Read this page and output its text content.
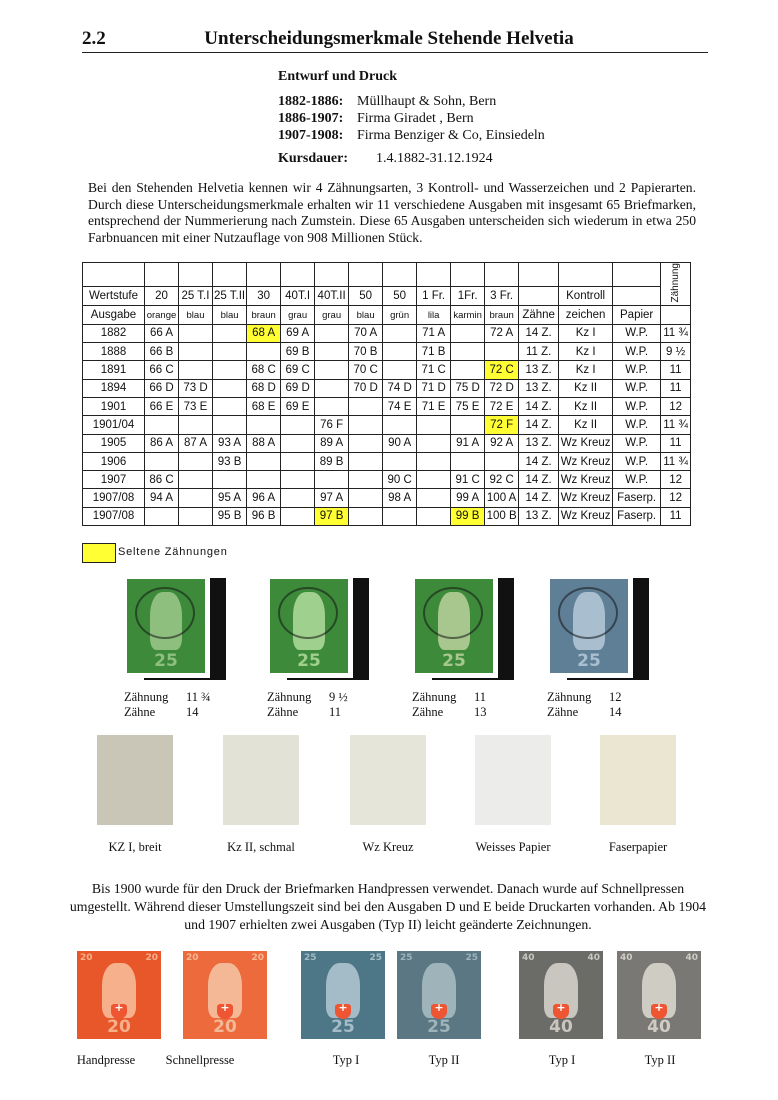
2.2	Unterscheidungsmerkmale Stehende Helvetia
Entwurf und Druck
1882-1886: Müllhaupt & Sohn, Bern
1886-1907: Firma Giradet , Bern
1907-1908: Firma Benziger & Co, Einsiedeln
Kursdauer: 1.4.1882-31.12.1924
Bei den Stehenden Helvetia kennen wir 4 Zähnungsarten, 3 Kontroll- und Wasserzeichen und 2 Papierarten. Durch diese Unterscheidungsmerkmale erhalten wir 11 verschiedene Ausgaben mit insgesamt 65 Briefmarken, entsprechend der Nummerierung nach Zumstein. Diese 65 Ausgaben unterscheiden sich wiederum in etwa 250 Farbnuancen mit einer Nutzauflage von 908 Millionen Stück.
															Zähnung
Wertstufe	20	25 T.I	25 T.II	30	40T.I	40T.II	50	50	1 Fr.	1Fr.	3 Fr.		Kontroll		
Ausgabe	orange	blau	blau	braun	grau	grau	blau	grün	lila	karmin	braun	Zähne	zeichen	Papier	
1882	66 A			68 A	69 A		70 A		71 A		72 A	14 Z.	Kz I	W.P.	11 ¾
1888	66 B				69 B		70 B		71 B			11 Z.	Kz I	W.P.	9 ½
1891	66 C			68 C	69 C		70 C		71 C		72 C	13 Z.	Kz I	W.P.	11
1894	66 D	73 D		68 D	69 D		70 D	74 D	71 D	75 D	72 D	13 Z.	Kz II	W.P.	11
1901	66 E	73 E		68 E	69 E			74 E	71 E	75 E	72 E	14 Z.	Kz II	W.P.	12
1901/04						76 F					72 F	14 Z.	Kz II	W.P.	11 ¾
1905	86 A	87 A	93 A	88 A		89 A		90 A		91 A	92 A	13 Z.	Wz Kreuz	W.P.	11
1906			93 B			89 B						14 Z.	Wz Kreuz	W.P.	11 ¾
1907	86 C							90 C		91 C	92 C	14 Z.	Wz Kreuz	W.P.	12
1907/08	94 A		95 A	96 A		97 A		98 A		99 A	100 A	14 Z.	Wz Kreuz	Faserp.	12
1907/08			95 B	96 B		97 B				99 B	100 B	13 Z.	Wz Kreuz	Faserp.	11
Seltene Zähnungen
25
Zähnung 11 ¾
Zähne 14
25
Zähnung 9 ½
Zähne 11
25
Zähnung 11
Zähne 13
25
Zähnung 12
Zähne 14
KZ I, breit	Kz II, schmal	Wz Kreuz	Weisses Papier	Faserpapier
Bis 1900 wurde für den Druck der Briefmarken Handpressen verwendet. Danach wurde auf Schnellpressen umgestellt. Während dieser Umstellungszeit sind bei den Ausgaben D und E beide Druckarten vorhanden. Ab 1904 und 1907 erhielten zwei Ausgaben (Typ II) leicht geänderte Zeichnungen.
+
20	20
20
Handpresse
+
20	20
20
Schnellpresse
+
25	25
25
Typ I
+
25	25
25
Typ II
+
40	40
40
Typ I
+
40	40
40
Typ II
